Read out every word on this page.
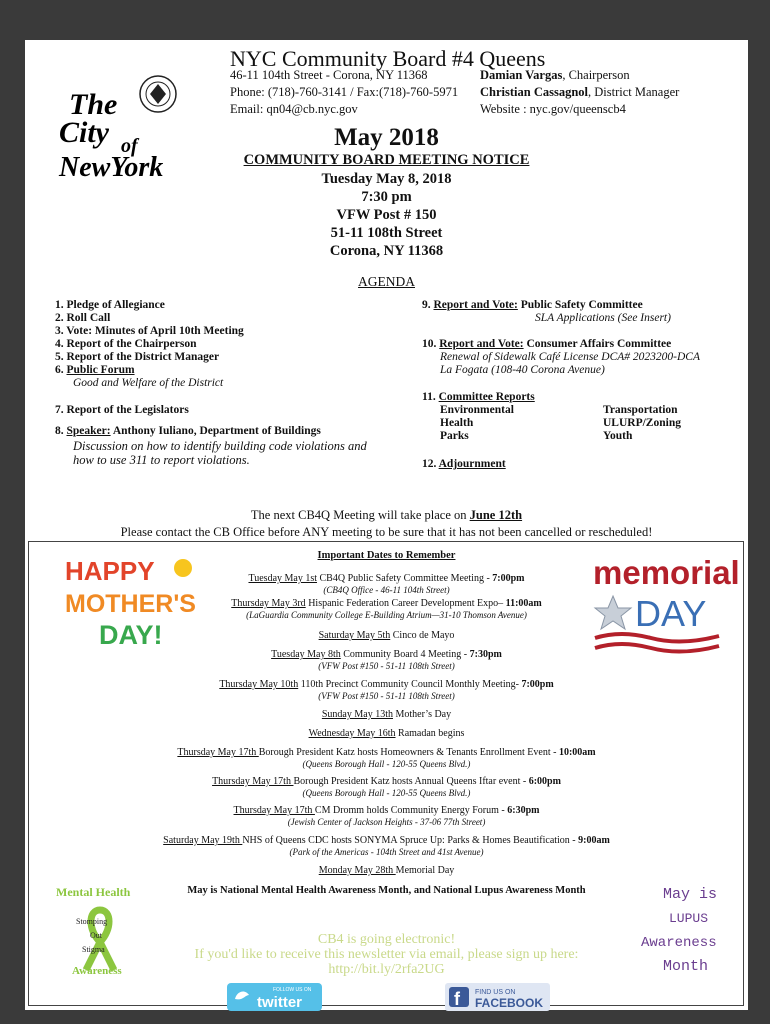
The
City of
NewYork
NYC Community Board #4 Queens
46-11 104th Street - Corona, NY 11368
Phone: (718)-760-3141 / Fax:(718)-760-5971
Email: qn04@cb.nyc.gov
Damian Vargas, Chairperson
Christian Cassagnol, District Manager
Website : nyc.gov/queenscb4
May 2018
COMMUNITY BOARD MEETING NOTICE
Tuesday May 8, 2018
7:30 pm
VFW Post # 150
51-11 108th Street
Corona, NY 11368
AGENDA
1. Pledge of Allegiance
2. Roll Call
3. Vote: Minutes of April 10th Meeting
4. Report of the Chairperson
5. Report of the District Manager
6. Public Forum
Good and Welfare of the District
7. Report of the Legislators
8. Speaker: Anthony Iuliano, Department of Buildings
Discussion on how to identify building code violations and
how to use 311 to report violations.
9. Report and Vote: Public Safety Committee
SLA Applications (See Insert)
10. Report and Vote: Consumer Affairs Committee
Renewal of Sidewalk Café License DCA# 2023200-DCA
La Fogata (108-40 Corona Avenue)
11. Committee Reports
Environmental
Health
Parks
Transportation
ULURP/Zoning
Youth
12. Adjournment
The next CB4Q Meeting will take place on June 12th
Please contact the CB Office before ANY meeting to be sure that it has not been cancelled or rescheduled!
Important Dates to Remember
May is National Mental Health Awareness Month, and National Lupus Awareness Month
CB4 is going electronic!
If you'd like to receive this newsletter via email, please sign up here:
http://bit.ly/2rfa2UG
HAPPY
MOTHER'S
DAY!
memorial
DAY
Mental Health
Stomping
Out
Stigma
Awareness
May is
LUPUS
Awareness
Month
FOLLOW US ON
twitter	f FIND US ON
FACEBOOK
Tuesday May 1st CB4Q Public Safety Committee Meeting - 7:00pm
(CB4Q Office - 46-11 104th Street)
Thursday May 3rd Hispanic Federation Career Development Expo– 11:00am
(LaGuardia Community College E-Building Atrium—31-10 Thomson Avenue)
Saturday May 5th Cinco de Mayo
Tuesday May 8th Community Board 4 Meeting - 7:30pm
(VFW Post #150 - 51-11 108th Street)
Thursday May 10th 110th Precinct Community Council Monthly Meeting- 7:00pm
(VFW Post #150 - 51-11 108th Street)
Sunday May 13th Mother’s Day
Wednesday May 16th Ramadan begins
Thursday May 17th Borough President Katz hosts Homeowners & Tenants Enrollment Event - 10:00am
(Queens Borough Hall - 120-55 Queens Blvd.)
Thursday May 17th Borough President Katz hosts Annual Queens Iftar event - 6:00pm
(Queens Borough Hall - 120-55 Queens Blvd.)
Thursday May 17th CM Dromm holds Community Energy Forum - 6:30pm
(Jewish Center of Jackson Heights - 37-06 77th Street)
Saturday May 19th NHS of Queens CDC hosts SONYMA Spruce Up: Parks & Homes Beautification - 9:00am
(Park of the Americas - 104th Street and 41st Avenue)
Monday May 28th Memorial Day
